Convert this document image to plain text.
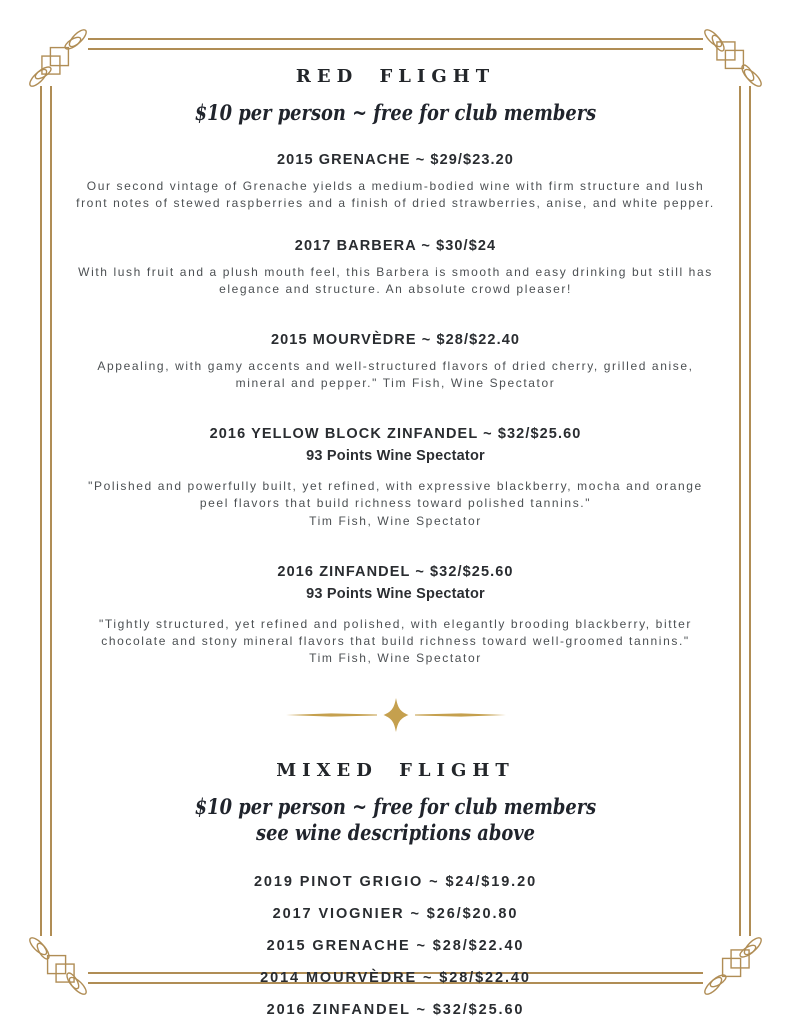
RED FLIGHT
$10 per person ~ free for club members
2015 GRENACHE ~ $29/$23.20

Our second vintage of Grenache yields a medium-bodied wine with firm structure and lush front notes of stewed raspberries and a finish of dried strawberries, anise, and white pepper.

2017 BARBERA ~ $30/$24

With lush fruit and a plush mouth feel, this Barbera is smooth and easy drinking but still has elegance and structure. An absolute crowd pleaser!

2015 MOURVÈDRE ~ $28/$22.40

Appealing, with gamy accents and well-structured flavors of dried cherry, grilled anise, mineral and pepper." Tim Fish, Wine Spectator

2016 YELLOW BLOCK ZINFANDEL ~ $32/$25.60
93 Points Wine Spectator

"Polished and powerfully built, yet refined, with expressive blackberry, mocha and orange peel flavors that build richness toward polished tannins."

Tim Fish, Wine Spectator

2016 ZINFANDEL ~ $32/$25.60
93 Points Wine Spectator

"Tightly structured, yet refined and polished, with elegantly brooding blackberry, bitter chocolate and stony mineral flavors that build richness toward well-groomed tannins."

Tim Fish, Wine Spectator

MIXED FLIGHT
$10 per person ~ free for club members
see wine descriptions above
2019 PINOT GRIGIO ~ $24/$19.20
2017 VIOGNIER ~ $26/$20.80
2015 GRENACHE ~ $28/$22.40
2014 MOURVÈDRE ~ $28/$22.40
2016 ZINFANDEL ~ $32/$25.60
